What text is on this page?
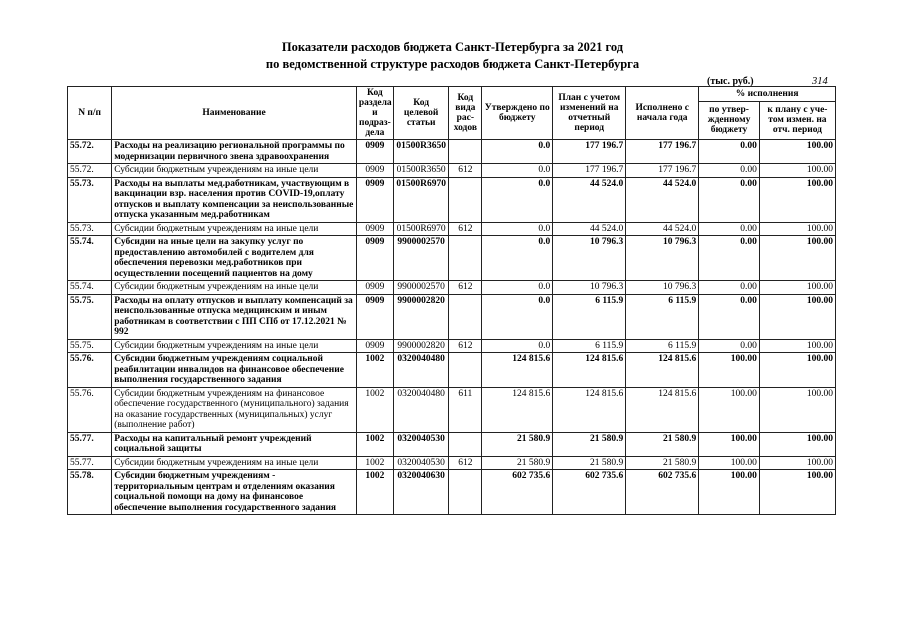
Показатели расходов бюджета Санкт-Петербурга за 2021 год
по ведомственной структуре расходов бюджета Санкт-Петербурга
(тыс. руб.)	314
N п/п	Наименование	Код раздела и подраз-дела	Код целевой статьи	Код вида рас-ходов	Утверждено по бюджету	План с учетом изменений на отчетный период	Исполнено с начала года	% исполнения	
								по утвер-жденному бюджету	к плану с уче-том измен. на отч. период
55.72.	Расходы на реализацию региональной программы по модернизации первичного звена здравоохранения	0909	01500R3650		0.0	177 196.7	177 196.7	0.00	100.00
55.72.	Субсидии бюджетным учреждениям на иные цели	0909	01500R3650	612	0.0	177 196.7	177 196.7	0.00	100.00
55.73.	Расходы на выплаты мед.работникам, участвующим в вакцинации взр. населения против COVID-19,оплату отпусков и выплату компенсации за неиспользованные отпуска указанным мед.работникам	0909	01500R6970		0.0	44 524.0	44 524.0	0.00	100.00
55.73.	Субсидии бюджетным учреждениям на иные цели	0909	01500R6970	612	0.0	44 524.0	44 524.0	0.00	100.00
55.74.	Субсидии на иные цели на закупку услуг по предоставлению автомобилей с водителем для обеспечения перевозки мед.работников при осуществлении посещений пациентов на дому	0909	9900002570		0.0	10 796.3	10 796.3	0.00	100.00
55.74.	Субсидии бюджетным учреждениям на иные цели	0909	9900002570	612	0.0	10 796.3	10 796.3	0.00	100.00
55.75.	Расходы на оплату отпусков и выплату компенсаций за неиспользованные отпуска медицинским и иным работникам в соответствии с ПП СПб от 17.12.2021 № 992	0909	9900002820		0.0	6 115.9	6 115.9	0.00	100.00
55.75.	Субсидии бюджетным учреждениям на иные цели	0909	9900002820	612	0.0	6 115.9	6 115.9	0.00	100.00
55.76.	Субсидии бюджетным учреждениям социальной реабилитации инвалидов на финансовое обеспечение выполнения государственного задания	1002	0320040480		124 815.6	124 815.6	124 815.6	100.00	100.00
55.76.	Субсидии бюджетным учреждениям на финансовое обеспечение государственного (муниципального) задания на оказание государственных (муниципальных) услуг (выполнение работ)	1002	0320040480	611	124 815.6	124 815.6	124 815.6	100.00	100.00
55.77.	Расходы на капитальный ремонт учреждений социальной защиты	1002	0320040530		21 580.9	21 580.9	21 580.9	100.00	100.00
55.77.	Субсидии бюджетным учреждениям на иные цели	1002	0320040530	612	21 580.9	21 580.9	21 580.9	100.00	100.00
55.78.	Субсидии бюджетным учреждениям - территориальным центрам и отделениям оказания социальной помощи на дому на финансовое обеспечение выполнения государственного задания	1002	0320040630		602 735.6	602 735.6	602 735.6	100.00	100.00
